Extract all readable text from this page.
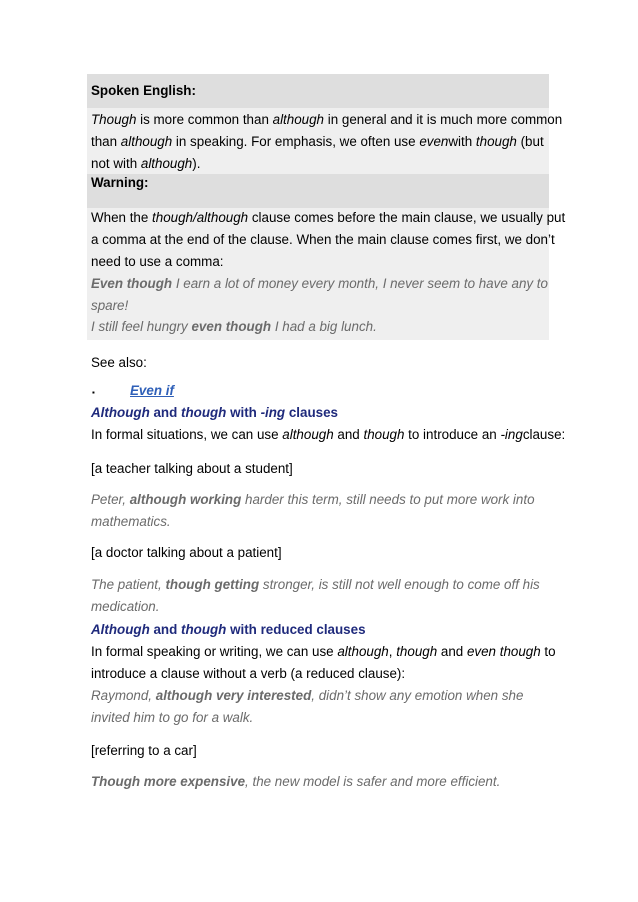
Spoken English:
Though is more common than although in general and it is much more common
than although in speaking. For emphasis, we often use evenwith though (but
not with although).
Warning:
When the though/although clause comes before the main clause, we usually put
a comma at the end of the clause. When the main clause comes first, we don’t
need to use a comma:
Even though I earn a lot of money every month, I never seem to have any to
spare!
I still feel hungry even though I had a big lunch.
See also:
▪	Even if
Although and though with -ing clauses
In formal situations, we can use although and though to introduce an -ingclause:
[a teacher talking about a student]
Peter, although working harder this term, still needs to put more work into
mathematics.
[a doctor talking about a patient]
The patient, though getting stronger, is still not well enough to come off his
medication.
Although and though with reduced clauses
In formal speaking or writing, we can use although, though and even though to
introduce a clause without a verb (a reduced clause):
Raymond, although very interested, didn’t show any emotion when she
invited him to go for a walk.
[referring to a car]
Though more expensive, the new model is safer and more efficient.
